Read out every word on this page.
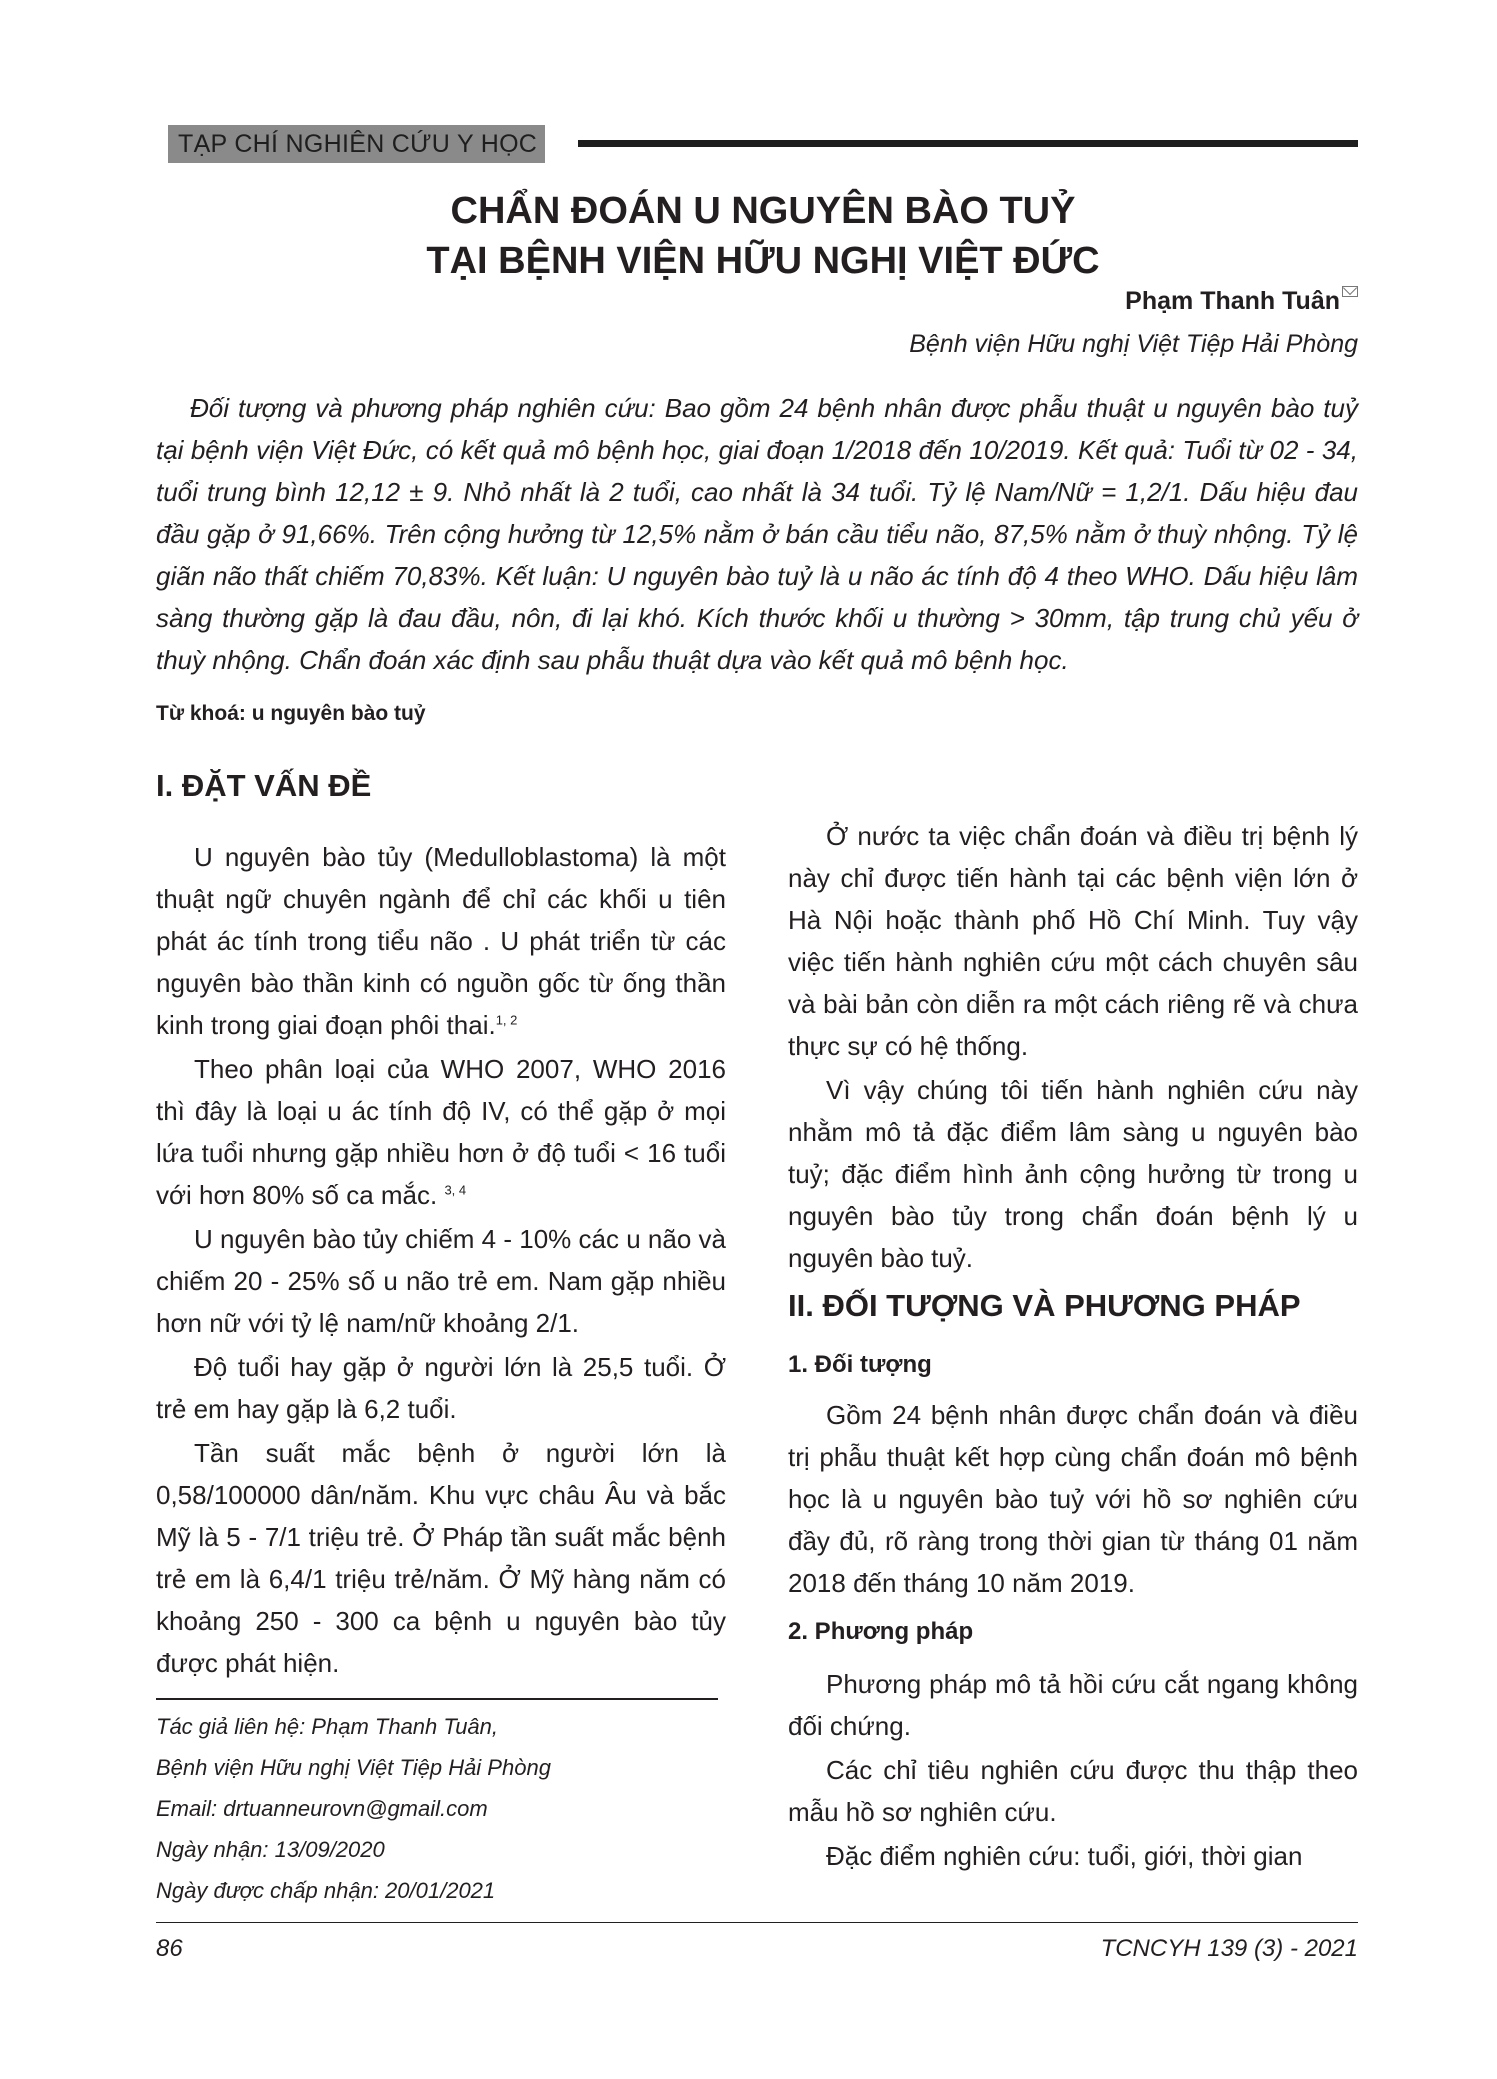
TẠP CHÍ NGHIÊN CỨU Y HỌC
CHẨN ĐOÁN U NGUYÊN BÀO TUỶ
TẠI BỆNH VIỆN HỮU NGHỊ VIỆT ĐỨC
Phạm Thanh Tuân
Bệnh viện Hữu nghị Việt Tiệp Hải Phòng
Đối tượng và phương pháp nghiên cứu: Bao gồm 24 bệnh nhân được phẫu thuật u nguyên bào tuỷ tại bệnh viện Việt Đức, có kết quả mô bệnh học, giai đoạn 1/2018 đến 10/2019. Kết quả: Tuổi từ 02 - 34, tuổi trung bình 12,12 ± 9. Nhỏ nhất là 2 tuổi, cao nhất là 34 tuổi. Tỷ lệ Nam/Nữ = 1,2/1. Dấu hiệu đau đầu gặp ở 91,66%. Trên cộng hưởng từ 12,5% nằm ở bán cầu tiểu não, 87,5% nằm ở thuỳ nhộng. Tỷ lệ giãn não thất chiếm 70,83%. Kết luận: U nguyên bào tuỷ là u não ác tính độ 4 theo WHO. Dấu hiệu lâm sàng thường gặp là đau đầu, nôn, đi lại khó. Kích thước khối u thường > 30mm, tập trung chủ yếu ở thuỳ nhộng. Chẩn đoán xác định sau phẫu thuật dựa vào kết quả mô bệnh học.
Từ khoá: u nguyên bào tuỷ
I. ĐẶT VẤN ĐỀ

U nguyên bào tủy (Medulloblastoma) là một thuật ngữ chuyên ngành để chỉ các khối u tiên phát ác tính trong tiểu não . U phát triển từ các nguyên bào thần kinh có nguồn gốc từ ống thần kinh trong giai đoạn phôi thai.$^{1, 2}$

Theo phân loại của WHO 2007, WHO 2016 thì đây là loại u ác tính độ IV, có thể gặp ở mọi lứa tuổi nhưng gặp nhiều hơn ở độ tuổi < 16 tuổi với hơn 80% số ca mắc. $^{3, 4}$

U nguyên bào tủy chiếm 4 - 10% các u não và chiếm 20 - 25% số u não trẻ em. Nam gặp nhiều hơn nữ với tỷ lệ nam/nữ khoảng 2/1.

Độ tuổi hay gặp ở người lớn là 25,5 tuổi. Ở trẻ em hay gặp là 6,2 tuổi.

Tần suất mắc bệnh ở người lớn là 0,58/100000 dân/năm. Khu vực châu Âu và bắc Mỹ là 5 - 7/1 triệu trẻ. Ở Pháp tần suất mắc bệnh trẻ em là 6,4/1 triệu trẻ/năm. Ở Mỹ hàng năm có khoảng 250 - 300 ca bệnh u nguyên bào tủy được phát hiện.

Tác giả liên hệ: Phạm Thanh Tuân,
Bệnh viện Hữu nghị Việt Tiệp Hải Phòng
Email: drtuanneurovn@gmail.com
Ngày nhận: 13/09/2020
Ngày được chấp nhận: 20/01/2021

Ở nước ta việc chẩn đoán và điều trị bệnh lý này chỉ được tiến hành tại các bệnh viện lớn ở Hà Nội hoặc thành phố Hồ Chí Minh. Tuy vậy việc tiến hành nghiên cứu một cách chuyên sâu và bài bản còn diễn ra một cách riêng rẽ và chưa thực sự có hệ thống.

Vì vậy chúng tôi tiến hành nghiên cứu này nhằm mô tả đặc điểm lâm sàng u nguyên bào tuỷ; đặc điểm hình ảnh cộng hưởng từ trong u nguyên bào tủy trong chẩn đoán bệnh lý u nguyên bào tuỷ.

II. ĐỐI TƯỢNG VÀ PHƯƠNG PHÁP
1. Đối tượng

Gồm 24 bệnh nhân được chẩn đoán và điều trị phẫu thuật kết hợp cùng chẩn đoán mô bệnh học là u nguyên bào tuỷ với hồ sơ nghiên cứu đầy đủ, rõ ràng trong thời gian từ tháng 01 năm 2018 đến tháng 10 năm 2019.

2. Phương pháp

Phương pháp mô tả hồi cứu cắt ngang không đối chứng.

Các chỉ tiêu nghiên cứu được thu thập theo mẫu hồ sơ nghiên cứu.

Đặc điểm nghiên cứu: tuổi, giới, thời gian

86	TCNCYH 139 (3) - 2021
